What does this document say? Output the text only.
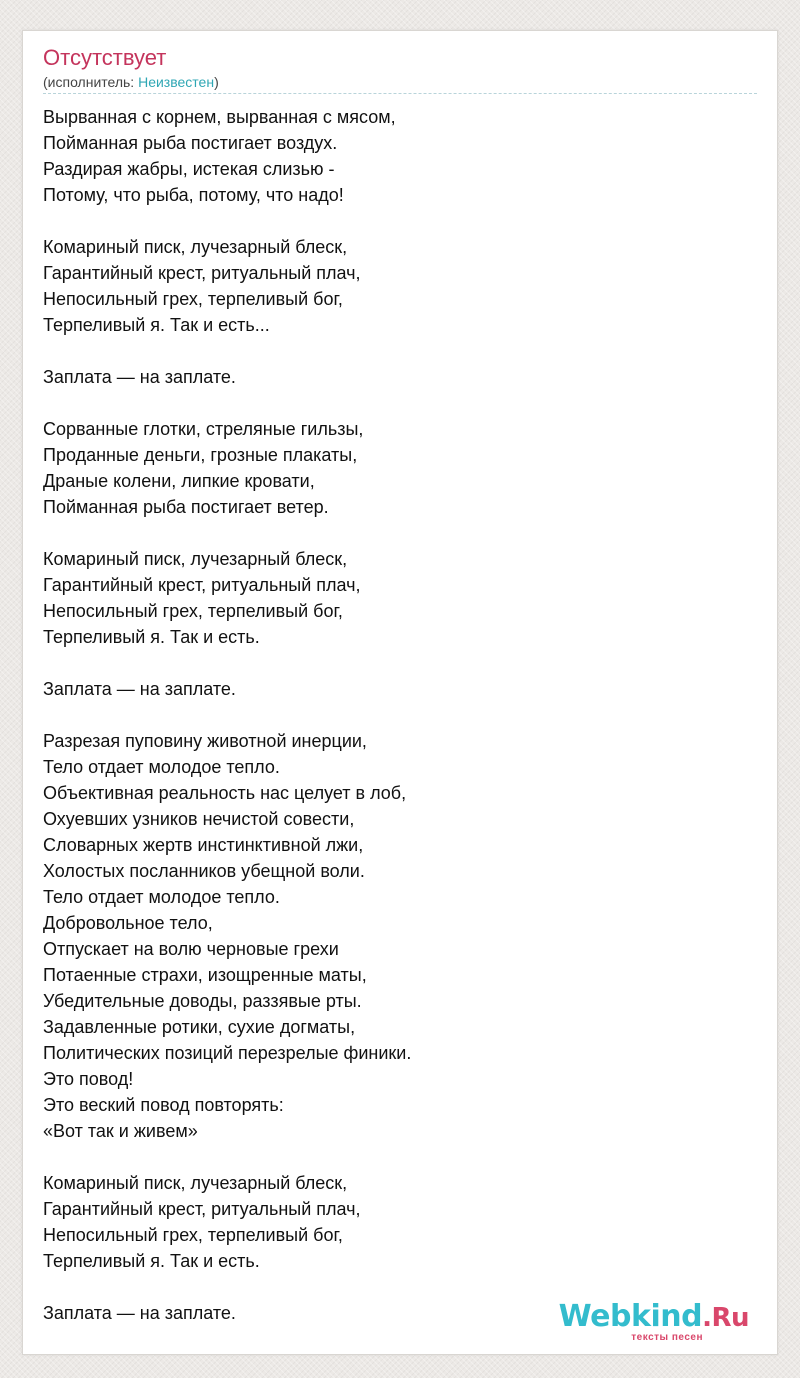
Отсутствует
(исполнитель: Неизвестен)
Вырванная с корнем, вырванная с мясом,
Пойманная рыба постигает воздух.
Раздирая жабры, истекая слизью -
Потому, что рыба, потому, что надо!
Комариный писк, лучезарный блеск,
Гарантийный крест, ритуальный плач,
Непосильный грех, терпеливый бог,
Терпеливый я. Так и есть...
Заплата — на заплате.
Сорванные глотки, стреляные гильзы,
Проданные деньги, грозные плакаты,
Драные колени, липкие кровати,
Пойманная рыба постигает ветер.
Комариный писк, лучезарный блеск,
Гарантийный крест, ритуальный плач,
Непосильный грех, терпеливый бог,
Терпеливый я. Так и есть.
Заплата — на заплате.
Разрезая пуповину животной инерции,
Тело отдает молодое тепло.
Объективная реальность нас целует в лоб,
Охуевших узников нечистой совести,
Словарных жертв инстинктивной лжи,
Холостых посланников убещной воли.
Тело отдает молодое тепло.
Добровольное тело,
Отпускает на волю черновые грехи
Потаенные страхи, изощренные маты,
Убедительные доводы, раззявые рты.
Задавленные ротики, сухие догматы,
Политических позиций перезрелые финики.
Это повод!
Это веский повод повторять:
«Вот так и живем»
Комариный писк, лучезарный блеск,
Гарантийный крест, ритуальный плач,
Непосильный грех, терпеливый бог,
Терпеливый я. Так и есть.
Заплата — на заплате.	Webkind.Ru
тексты песен
